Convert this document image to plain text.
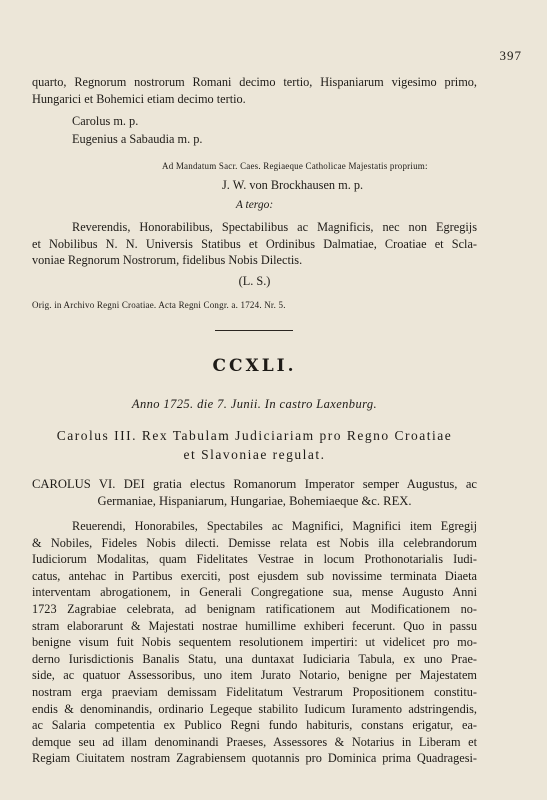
397
quarto, Regnorum nostrorum Romani decimo tertio, Hispaniarum vigesimo primo,
Hungarici et Bohemici etiam decimo tertio.
Carolus m. p.
Eugenius a Sabaudia m. p.
Ad Mandatum Sacr. Caes. Regiaeque Catholicae Majestatis proprium:
J. W. von Brockhausen m. p.
A tergo:
Reverendis, Honorabilibus, Spectabilibus ac Magnificis, nec non Egregijs
et Nobilibus N. N. Universis Statibus et Ordinibus Dalmatiae, Croatiae et Scla-
voniae Regnorum Nostrorum, fidelibus Nobis Dilectis.
(L. S.)
Orig. in Archivo Regni Croatiae. Acta Regni Congr. a. 1724. Nr. 5.
CCXLI.
Anno 1725. die 7. Junii. In castro Laxenburg.
Carolus III. Rex Tabulam Judiciariam pro Regno Croatiae
et Slavoniae regulat.
CAROLUS VI. DEI gratia electus Romanorum Imperator semper Augustus, ac
Germaniae, Hispaniarum, Hungariae, Bohemiaeque &c. REX.
Reuerendi, Honorabiles, Spectabiles ac Magnifici, Magnifici item Egregij
& Nobiles, Fideles Nobis dilecti. Demisse relata est Nobis illa celebrandorum
Iudiciorum Modalitas, quam Fidelitates Vestrae in locum Prothonotarialis Iudi-
catus, antehac in Partibus exerciti, post ejusdem sub novissime terminata Diaeta
interventam abrogationem, in Generali Congregatione sua, mense Augusto Anni
1723 Zagrabiae celebrata, ad benignam ratificationem aut Modificationem no-
stram elaborarunt & Majestati nostrae humillime exhiberi fecerunt. Quo in passu
benigne visum fuit Nobis sequentem resolutionem impertiri: ut videlicet pro mo-
derno Iurisdictionis Banalis Statu, una duntaxat Iudiciaria Tabula, ex uno Prae-
side, ac quatuor Assessoribus, uno item Jurato Notario, benigne per Majestatem
nostram erga praeviam demissam Fidelitatum Vestrarum Propositionem constitu-
endis & denominandis, ordinario Legeque stabilito Iudicum Iuramento adstringendis,
ac Salaria competentia ex Publico Regni fundo habituris, constans erigatur, ea-
demque seu ad illam denominandi Praeses, Assessores & Notarius in Liberam et
Regiam Ciuitatem nostram Zagrabiensem quotannis pro Dominica prima Quadragesi-
